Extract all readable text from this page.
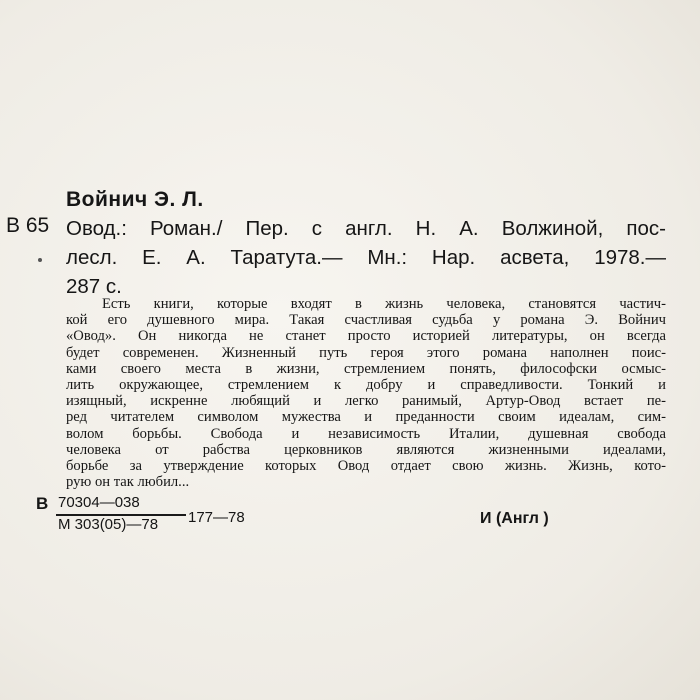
Войнич Э. Л.
В 65 Овод.: Роман./ Пер. с англ. Н. А. Волжиной, пос-
лесл. Е. А. Таратута.— Мн.: Нар. асвета, 1978.—
287 с.
Есть книги, которые входят в жизнь человека, становятся частич-
кой его душевного мира. Такая счастливая судьба у романа Э. Войнич
«Овод». Он никогда не станет просто историей литературы, он всегда
будет современен. Жизненный путь героя этого романа наполнен поис-
ками своего места в жизни, стремлением понять, философски осмыс-
лить окружающее, стремлением к добру и справедливости. Тонкий и
изящный, искренне любящий и легко ранимый, Артур-Овод встает пе-
ред читателем символом мужества и преданности своим идеалам, сим-
волом борьбы. Свобода и независимость Италии, душевная свобода
человека от рабства церковников являются жизненными идеалами,
борьбе за утверждение которых Овод отдает свою жизнь. Жизнь, кото-
рую он так любил...
В 70304—038
М 303(05)—78 177—78	И (Англ )
